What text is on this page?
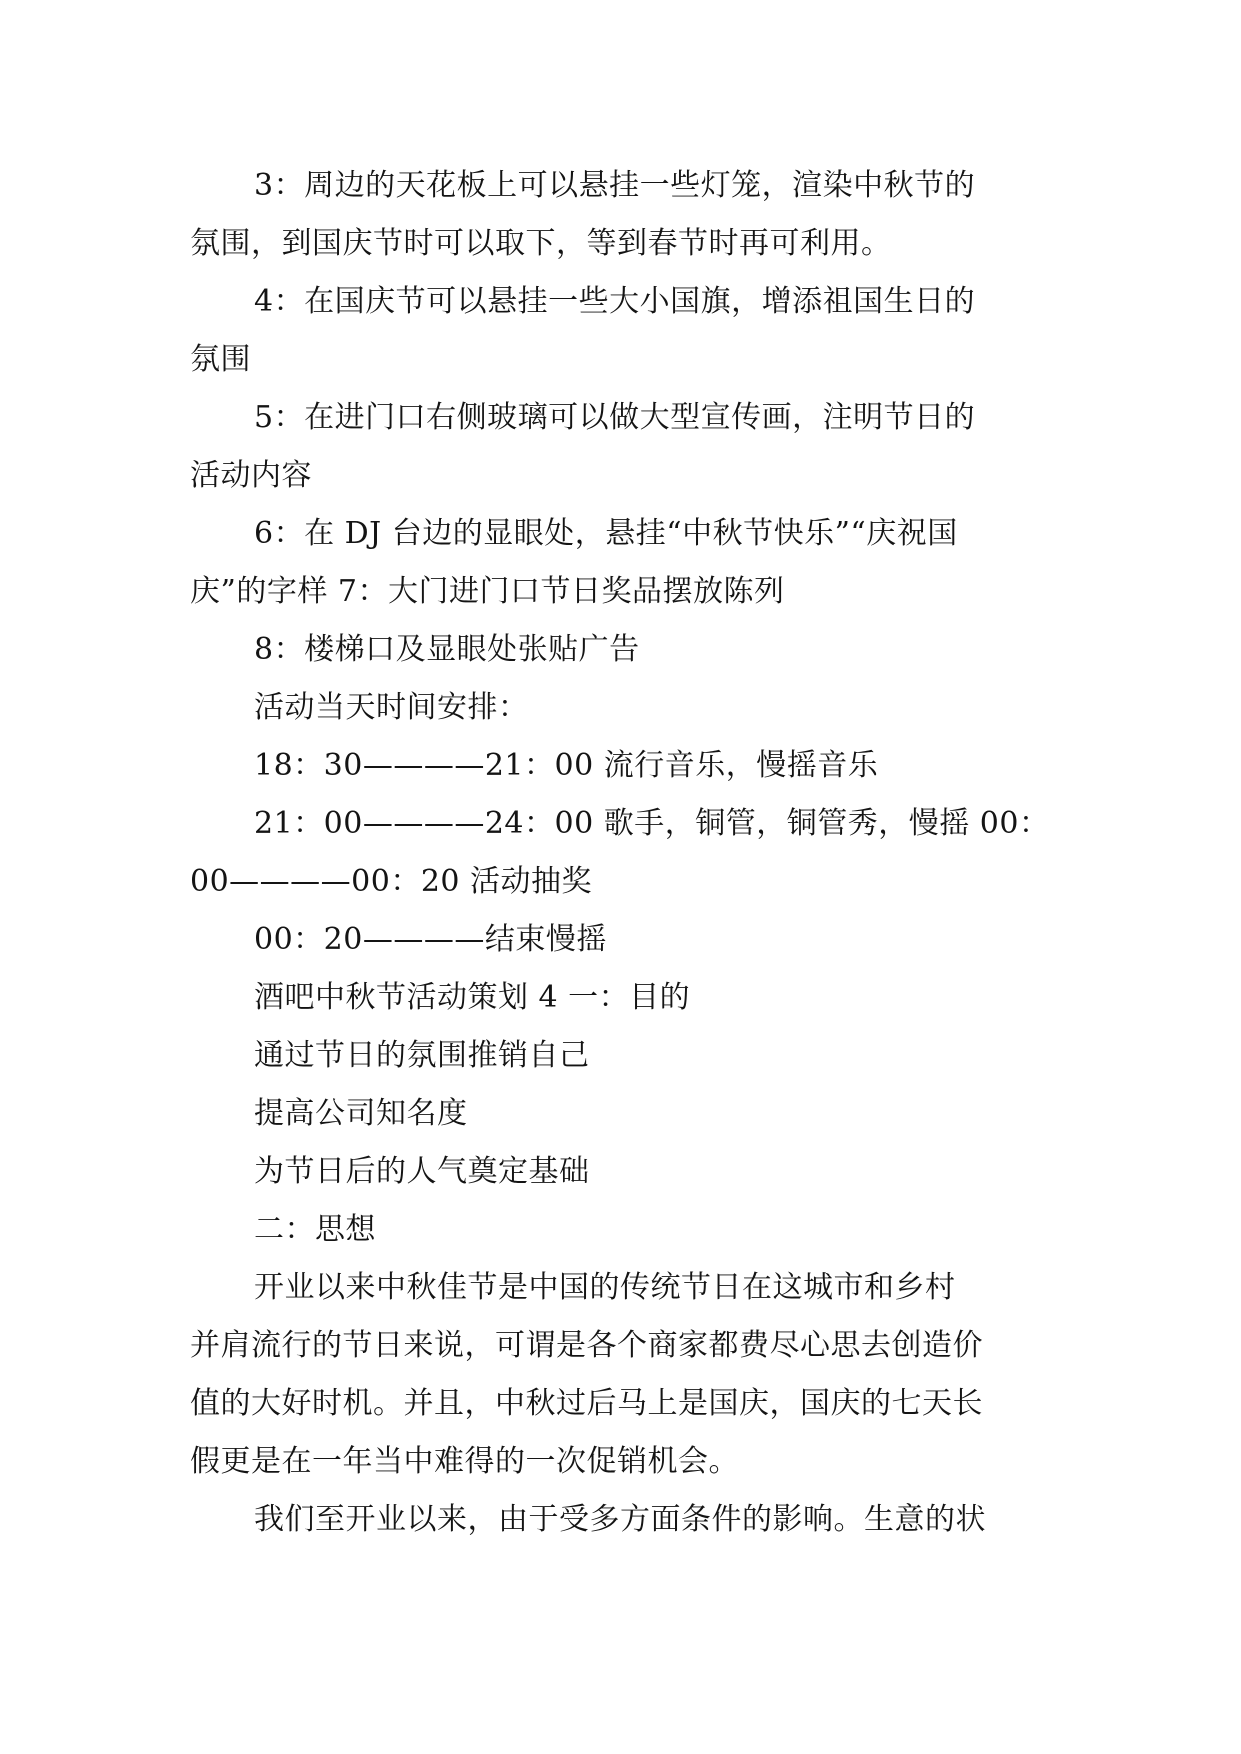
3：周边的天花板上可以悬挂一些灯笼，渲染中秋节的
氛围，到国庆节时可以取下，等到春节时再可利用。
4：在国庆节可以悬挂一些大小国旗，增添祖国生日的
氛围
5：在进门口右侧玻璃可以做大型宣传画，注明节日的
活动内容
6：在 DJ 台边的显眼处，悬挂“中秋节快乐”“庆祝国
庆”的字样 7：大门进门口节日奖品摆放陈列
8：楼梯口及显眼处张贴广告
活动当天时间安排：
18：30————21：00 流行音乐，慢摇音乐
21：00————24：00 歌手，铜管，铜管秀，慢摇 00：
00————00：20 活动抽奖
00：20————结束慢摇
酒吧中秋节活动策划 4 一：目的
通过节日的氛围推销自己
提高公司知名度
为节日后的人气奠定基础
二：思想
开业以来中秋佳节是中国的传统节日在这城市和乡村
并肩流行的节日来说，可谓是各个商家都费尽心思去创造价
值的大好时机。并且，中秋过后马上是国庆，国庆的七天长
假更是在一年当中难得的一次促销机会。
我们至开业以来，由于受多方面条件的影响。生意的状
